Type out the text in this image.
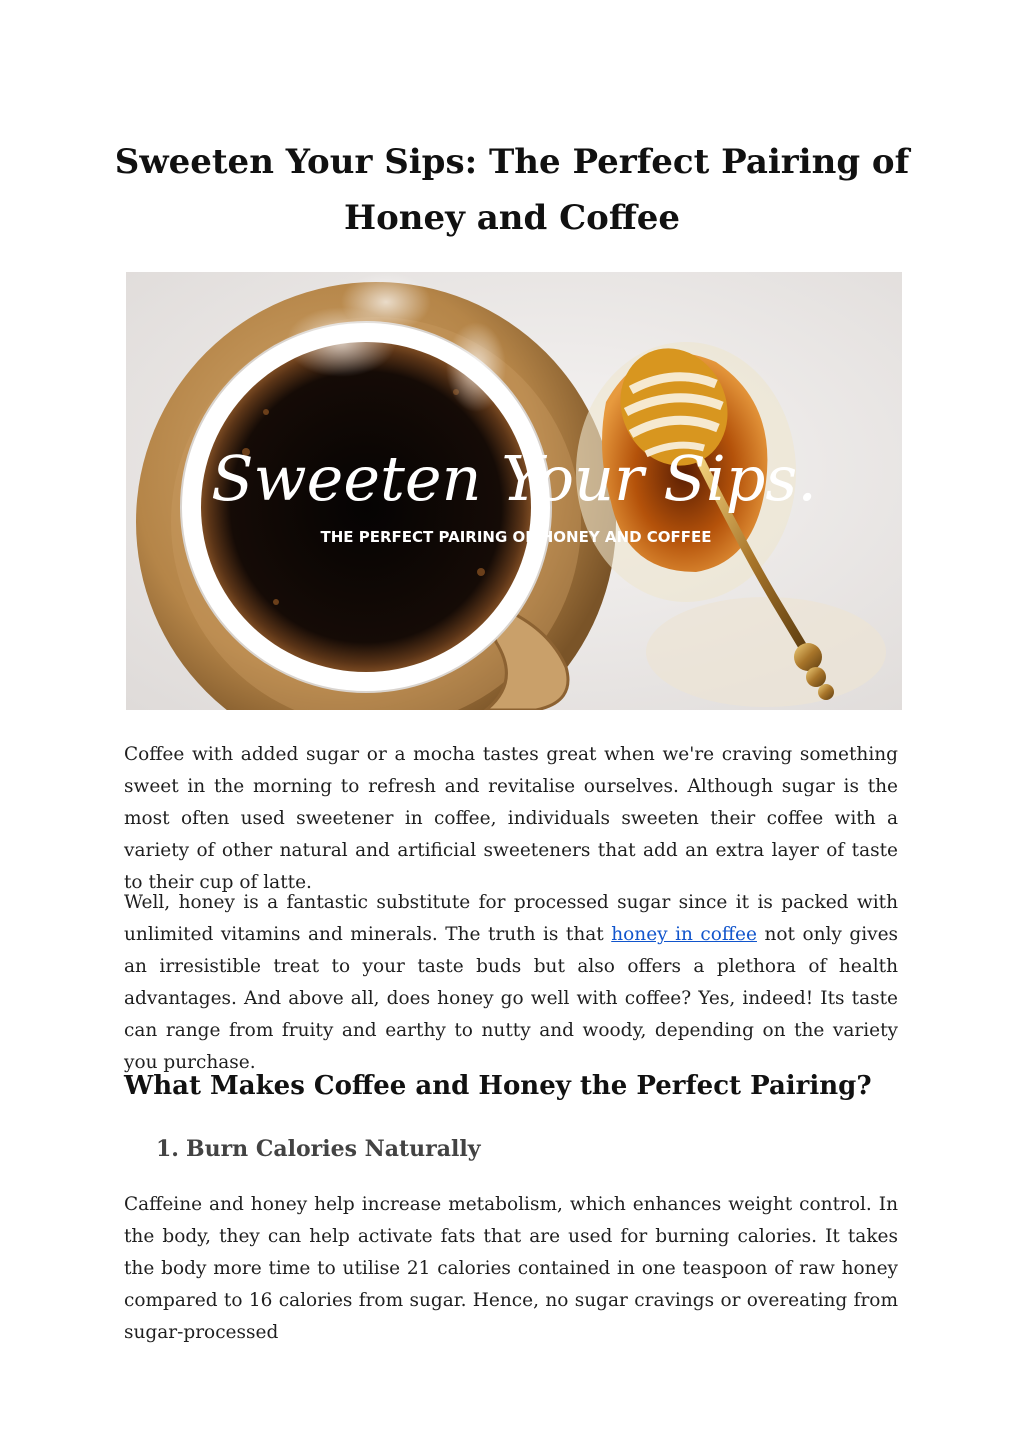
Sweeten Your Sips: The Perfect Pairing of Honey and Coffee
Sweeten Your Sips.
THE PERFECT PAIRING OF HONEY AND COFFEE

Coffee with added sugar or a mocha tastes great when we're craving something sweet in the morning to refresh and revitalise ourselves. Although sugar is the most often used sweetener in coffee, individuals sweeten their coffee with a variety of other natural and artificial sweeteners that add an extra layer of taste to their cup of latte.

Well, honey is a fantastic substitute for processed sugar since it is packed with unlimited vitamins and minerals. The truth is that honey in coffee not only gives an irresistible treat to your taste buds but also offers a plethora of health advantages. And above all, does honey go well with coffee? Yes, indeed! Its taste can range from fruity and earthy to nutty and woody, depending on the variety you purchase.

What Makes Coffee and Honey the Perfect Pairing?
1. Burn Calories Naturally

Caffeine and honey help increase metabolism, which enhances weight control. In the body, they can help activate fats that are used for burning calories. It takes the body more time to utilise 21 calories contained in one teaspoon of raw honey compared to 16 calories from sugar. Hence, no sugar cravings or overeating from sugar-processed
